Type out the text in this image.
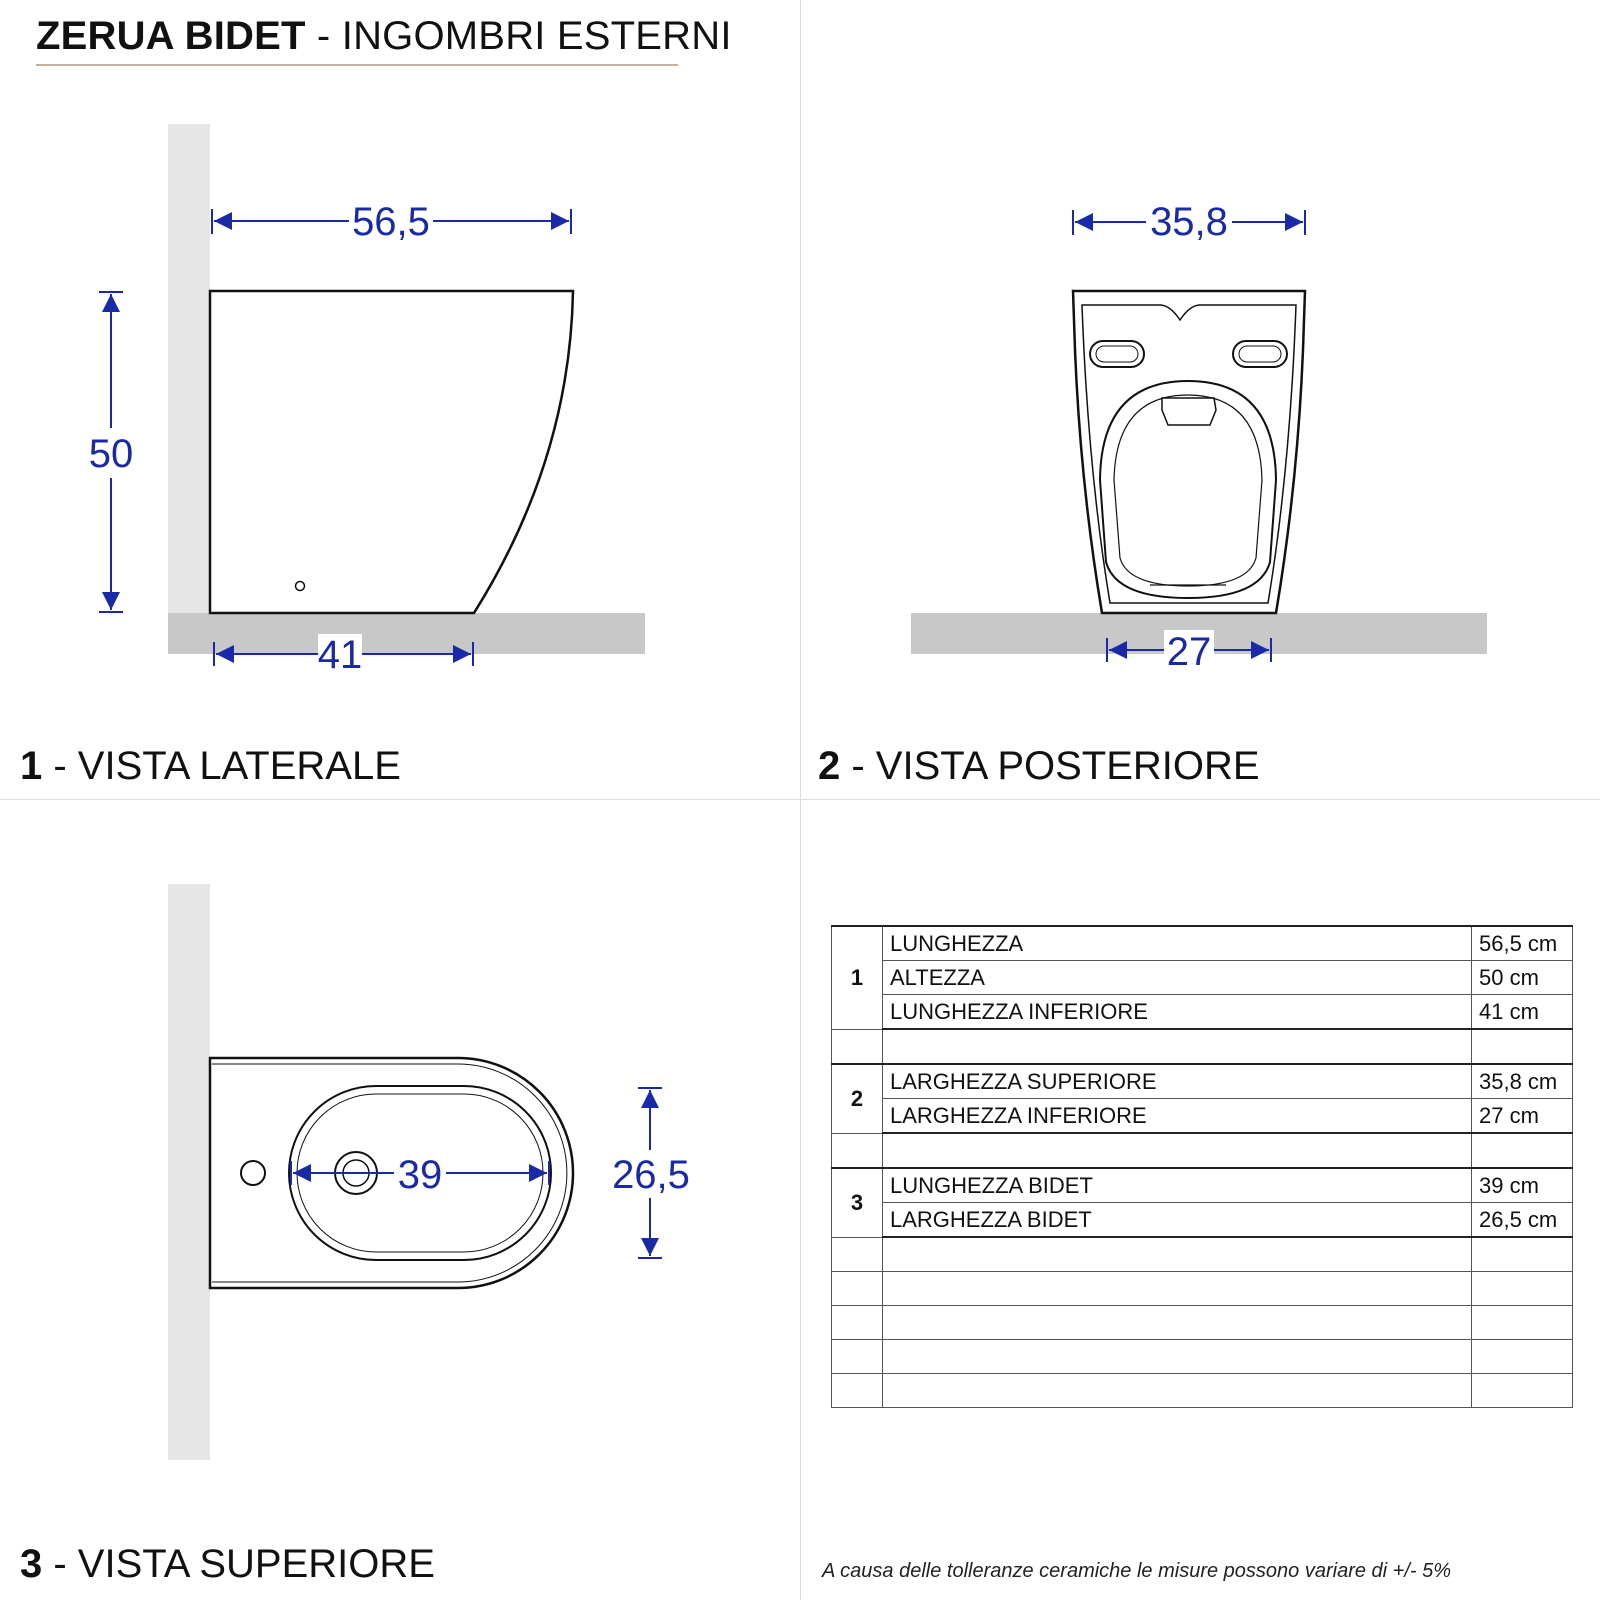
ZERUA BIDET - INGOMBRI ESTERNI
56,5
50
41
35,8
27
39	26,5
1 - VISTA LATERALE	2 - VISTA POSTERIORE
3 - VISTA SUPERIORE
1	LUNGHEZZA	56,5 cm
	ALTEZZA	50 cm
	LUNGHEZZA INFERIORE	41 cm

2	LARGHEZZA SUPERIORE	35,8 cm
	LARGHEZZA INFERIORE	27 cm

3	LUNGHEZZA BIDET	39 cm
	LARGHEZZA BIDET	26,5 cm

A causa delle tolleranze ceramiche le misure possono variare di +/- 5%
